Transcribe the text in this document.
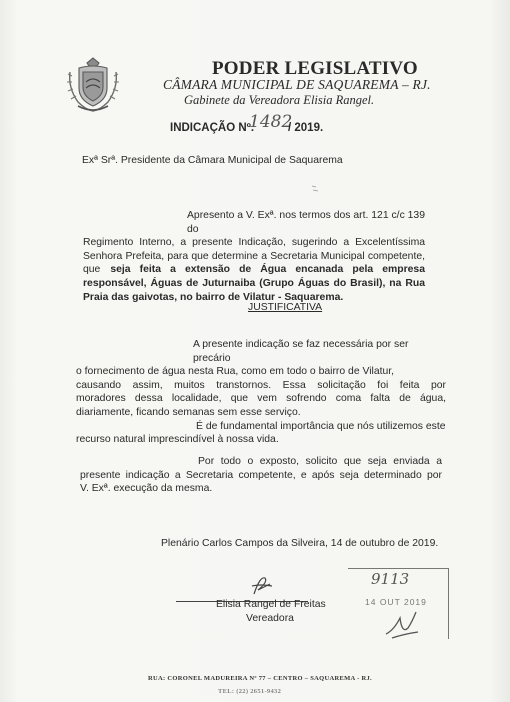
PODER LEGISLATIVO
CÂMARA MUNICIPAL DE SAQUAREMA – RJ.
Gabinete da Vereadora Elisia Rangel.
INDICAÇÃO Nº.
1482
/ 2019.
Exª Srª. Presidente da Câmara Municipal de Saquarema
Apresento a V. Exª. nos termos dos art. 121 c/c 139 do
Regimento Interno, a presente Indicação, sugerindo a Excelentíssima
Senhora Prefeita, para que determine a Secretaria Municipal competente,
que seja feita a extensão de Água encanada pela empresa
responsável, Águas de Juturnaiba (Grupo Águas do Brasil), na Rua
Praia das gaivotas, no bairro de Vilatur - Saquarema.
JUSTIFICATIVA
A presente indicação se faz necessária por ser precário
o fornecimento de água nesta Rua, como em todo o bairro de Vilatur,
causando assim, muitos transtornos. Essa solicitação foi feita por
moradores dessa localidade, que vem sofrendo coma falta de água,
diariamente, ficando semanas sem esse serviço.
É de fundamental importância que nós utilizemos este
recurso natural imprescindível à nossa vida.
Por todo o exposto, solicito que seja enviada a
presente indicação a Secretaria competente, e após seja determinado por
V. Exª. execução da mesma.
Plenário Carlos Campos da Silveira, 14 de outubro de 2019.
Elisia Rangel de Freitas
Vereadora
9113
14 OUT 2019
RUA: CORONEL MADUREIRA Nº 77 – CENTRO – SAQUAREMA - RJ.
TEL: (22) 2651-9432
